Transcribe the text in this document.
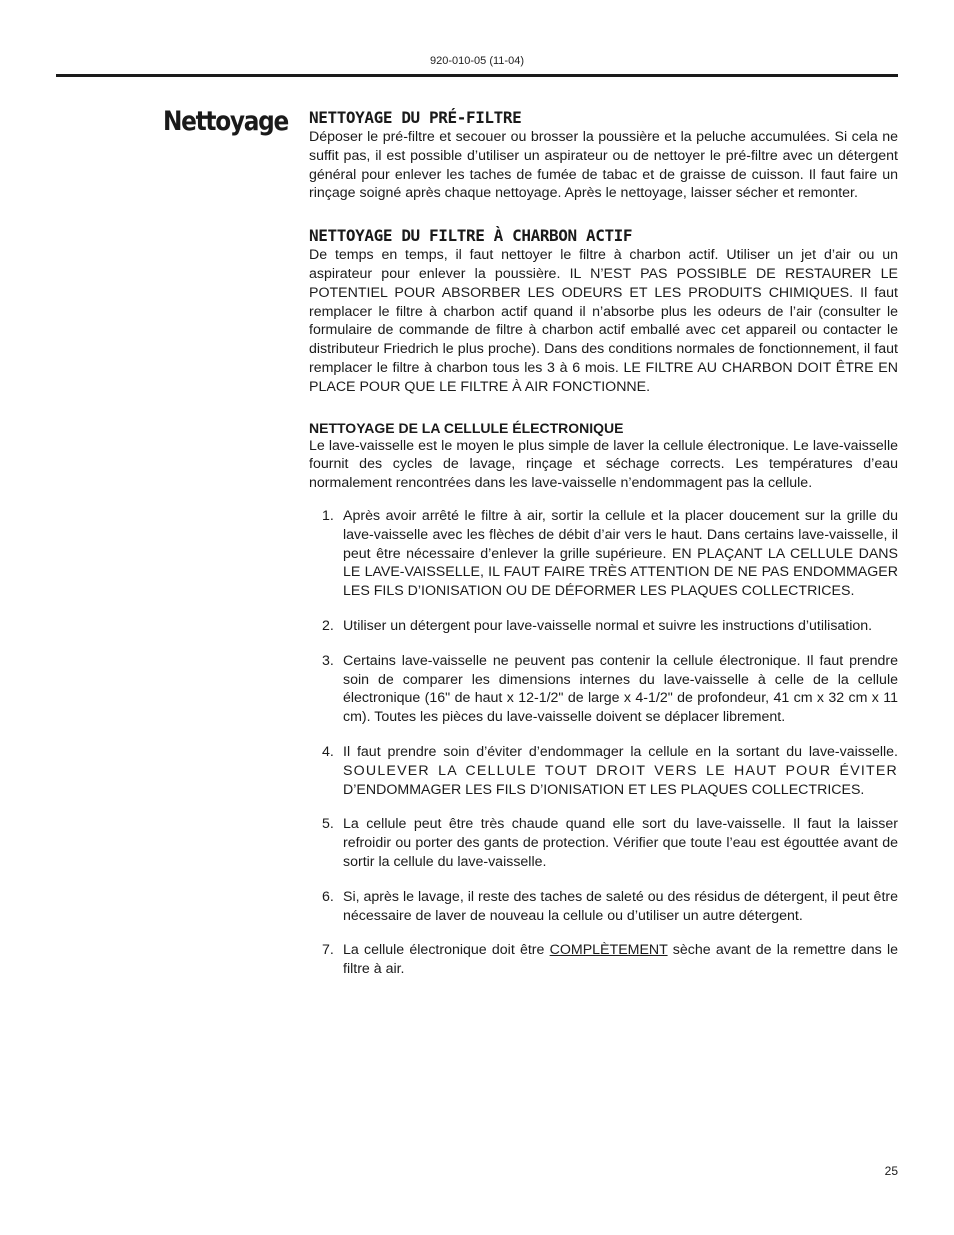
920-010-05 (11-04)
Nettoyage NETTOYAGE DU PRÉ-FILTRE

Déposer le pré-filtre et secouer ou brosser la poussière et la peluche accumulées. Si cela ne suffit pas, il est possible d’utiliser un aspirateur ou de nettoyer le pré-filtre avec un détergent général pour enlever les taches de fumée de tabac et de graisse de cuisson. Il faut faire un rinçage soigné après chaque nettoyage. Après le nettoyage, laisser sécher et remonter.

NETTOYAGE DU FILTRE À CHARBON ACTIF

De temps en temps, il faut nettoyer le filtre à charbon actif. Utiliser un jet d’air ou un aspirateur pour enlever la poussière. IL N’EST PAS POSSIBLE DE RESTAURER LE POTENTIEL POUR ABSORBER LES ODEURS ET LES PRODUITS CHIMIQUES. Il faut remplacer le filtre à charbon actif quand il n’absorbe plus les odeurs de l’air (consulter le formulaire de commande de filtre à charbon actif emballé avec cet appareil ou contacter le distributeur Friedrich le plus proche). Dans des conditions normales de fonctionnement, il faut remplacer le filtre à charbon tous les 3 à 6 mois. LE FILTRE AU CHARBON DOIT ÊTRE EN PLACE POUR QUE LE FILTRE À AIR FONCTIONNE.

NETTOYAGE DE LA CELLULE ÉLECTRONIQUE

Le lave-vaisselle est le moyen le plus simple de laver la cellule électronique. Le lave-vaisselle fournit des cycles de lavage, rinçage et séchage corrects. Les températures d’eau normalement rencontrées dans les lave-vaisselle n’endommagent pas la cellule.

1. Après avoir arrêté le filtre à air, sortir la cellule et la placer doucement sur la grille du lave-vaisselle avec les flèches de débit d’air vers le haut. Dans certains lave-vaisselle, il peut être nécessaire d’enlever la grille supérieure. EN PLAÇANT LA CELLULE DANS LE LAVE-VAISSELLE, IL FAUT FAIRE TRÈS ATTENTION DE NE PAS ENDOMMAGER LES FILS D’IONISATION OU DE DÉFORMER LES PLAQUES COLLECTRICES.
2. Utiliser un détergent pour lave-vaisselle normal et suivre les instructions d’utilisation.
3. Certains lave-vaisselle ne peuvent pas contenir la cellule électronique. Il faut prendre soin de comparer les dimensions internes du lave-vaisselle à celle de la cellule électronique (16" de haut x 12-1/2" de large x 4-1/2" de profondeur, 41 cm x 32 cm x 11 cm). Toutes les pièces du lave-vaisselle doivent se déplacer librement.
4. Il faut prendre soin d’éviter d’endommager la cellule en la sortant du lave-vaisselle. SOULEVER LA CELLULE TOUT DROIT VERS LE HAUT POUR ÉVITER D’ENDOMMAGER LES FILS D’IONISATION ET LES PLAQUES COLLECTRICES.
5. La cellule peut être très chaude quand elle sort du lave-vaisselle. Il faut la laisser refroidir ou porter des gants de protection. Vérifier que toute l’eau est égouttée avant de sortir la cellule du lave-vaisselle.
6. Si, après le lavage, il reste des taches de saleté ou des résidus de détergent, il peut être nécessaire de laver de nouveau la cellule ou d’utiliser un autre détergent.
7. La cellule électronique doit être COMPLÈTEMENT sèche avant de la remettre dans le filtre à air.
25
